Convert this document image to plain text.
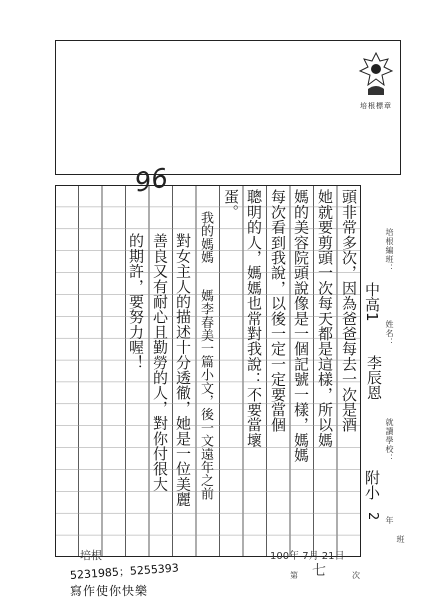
培根標章
96
頭非常多次，因為爸爸每去一次是酒
她就要剪頭一次每天都是這樣，所以媽
媽的美容院頭說像是一個記號一樣，媽媽
每次看到我說，以後一定一定要當個
聰明的人，媽媽也常對我說：不要當壞
蛋。
我的媽媽
媽李春美一篇小文，後一文遠年之前
對女主人的描述十分透徹，她是一位美麗
善良又有耐心且勤勞的人，對你付很大
的期許，要努力喔！	培根編班：
中高1
姓名：
李辰恩
就讀學校：
附小
2 年
班
培根
5231985；5255393
寫作使你快樂
100年 7月 21日
第 七	次
